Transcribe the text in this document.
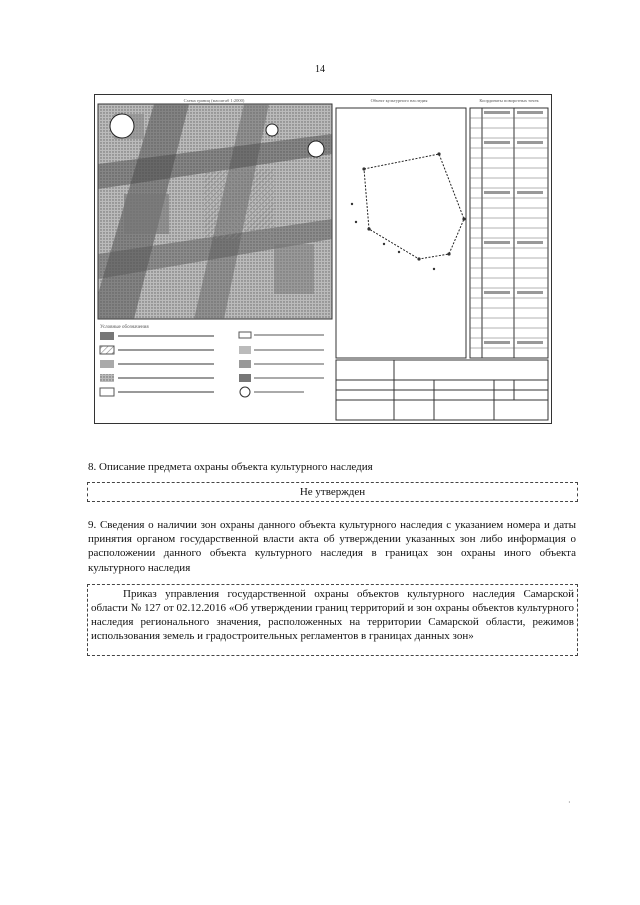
14
Схема границ (масштаб 1:2000)
Условные обозначения
Объект культурного наследия	Координаты поворотных точек
8. Описание предмета охраны объекта культурного наследия
Не утвержден
9. Сведения о наличии зон охраны данного объекта культурного наследия с указанием номера и даты принятия органом государственной власти акта об утверждении указанных зон либо информация о расположении данного объекта культурного наследия в границах зон охраны иного объекта культурного наследия
Приказ управления государственной охраны объектов культурного наследия Самарской области № 127 от 02.12.2016 «Об утверждении границ территорий и зон охраны объектов культурного наследия регионального значения, расположенных на территории Самарской области, режимов использования земель и градостроительных регламентов в границах данных зон»
·
